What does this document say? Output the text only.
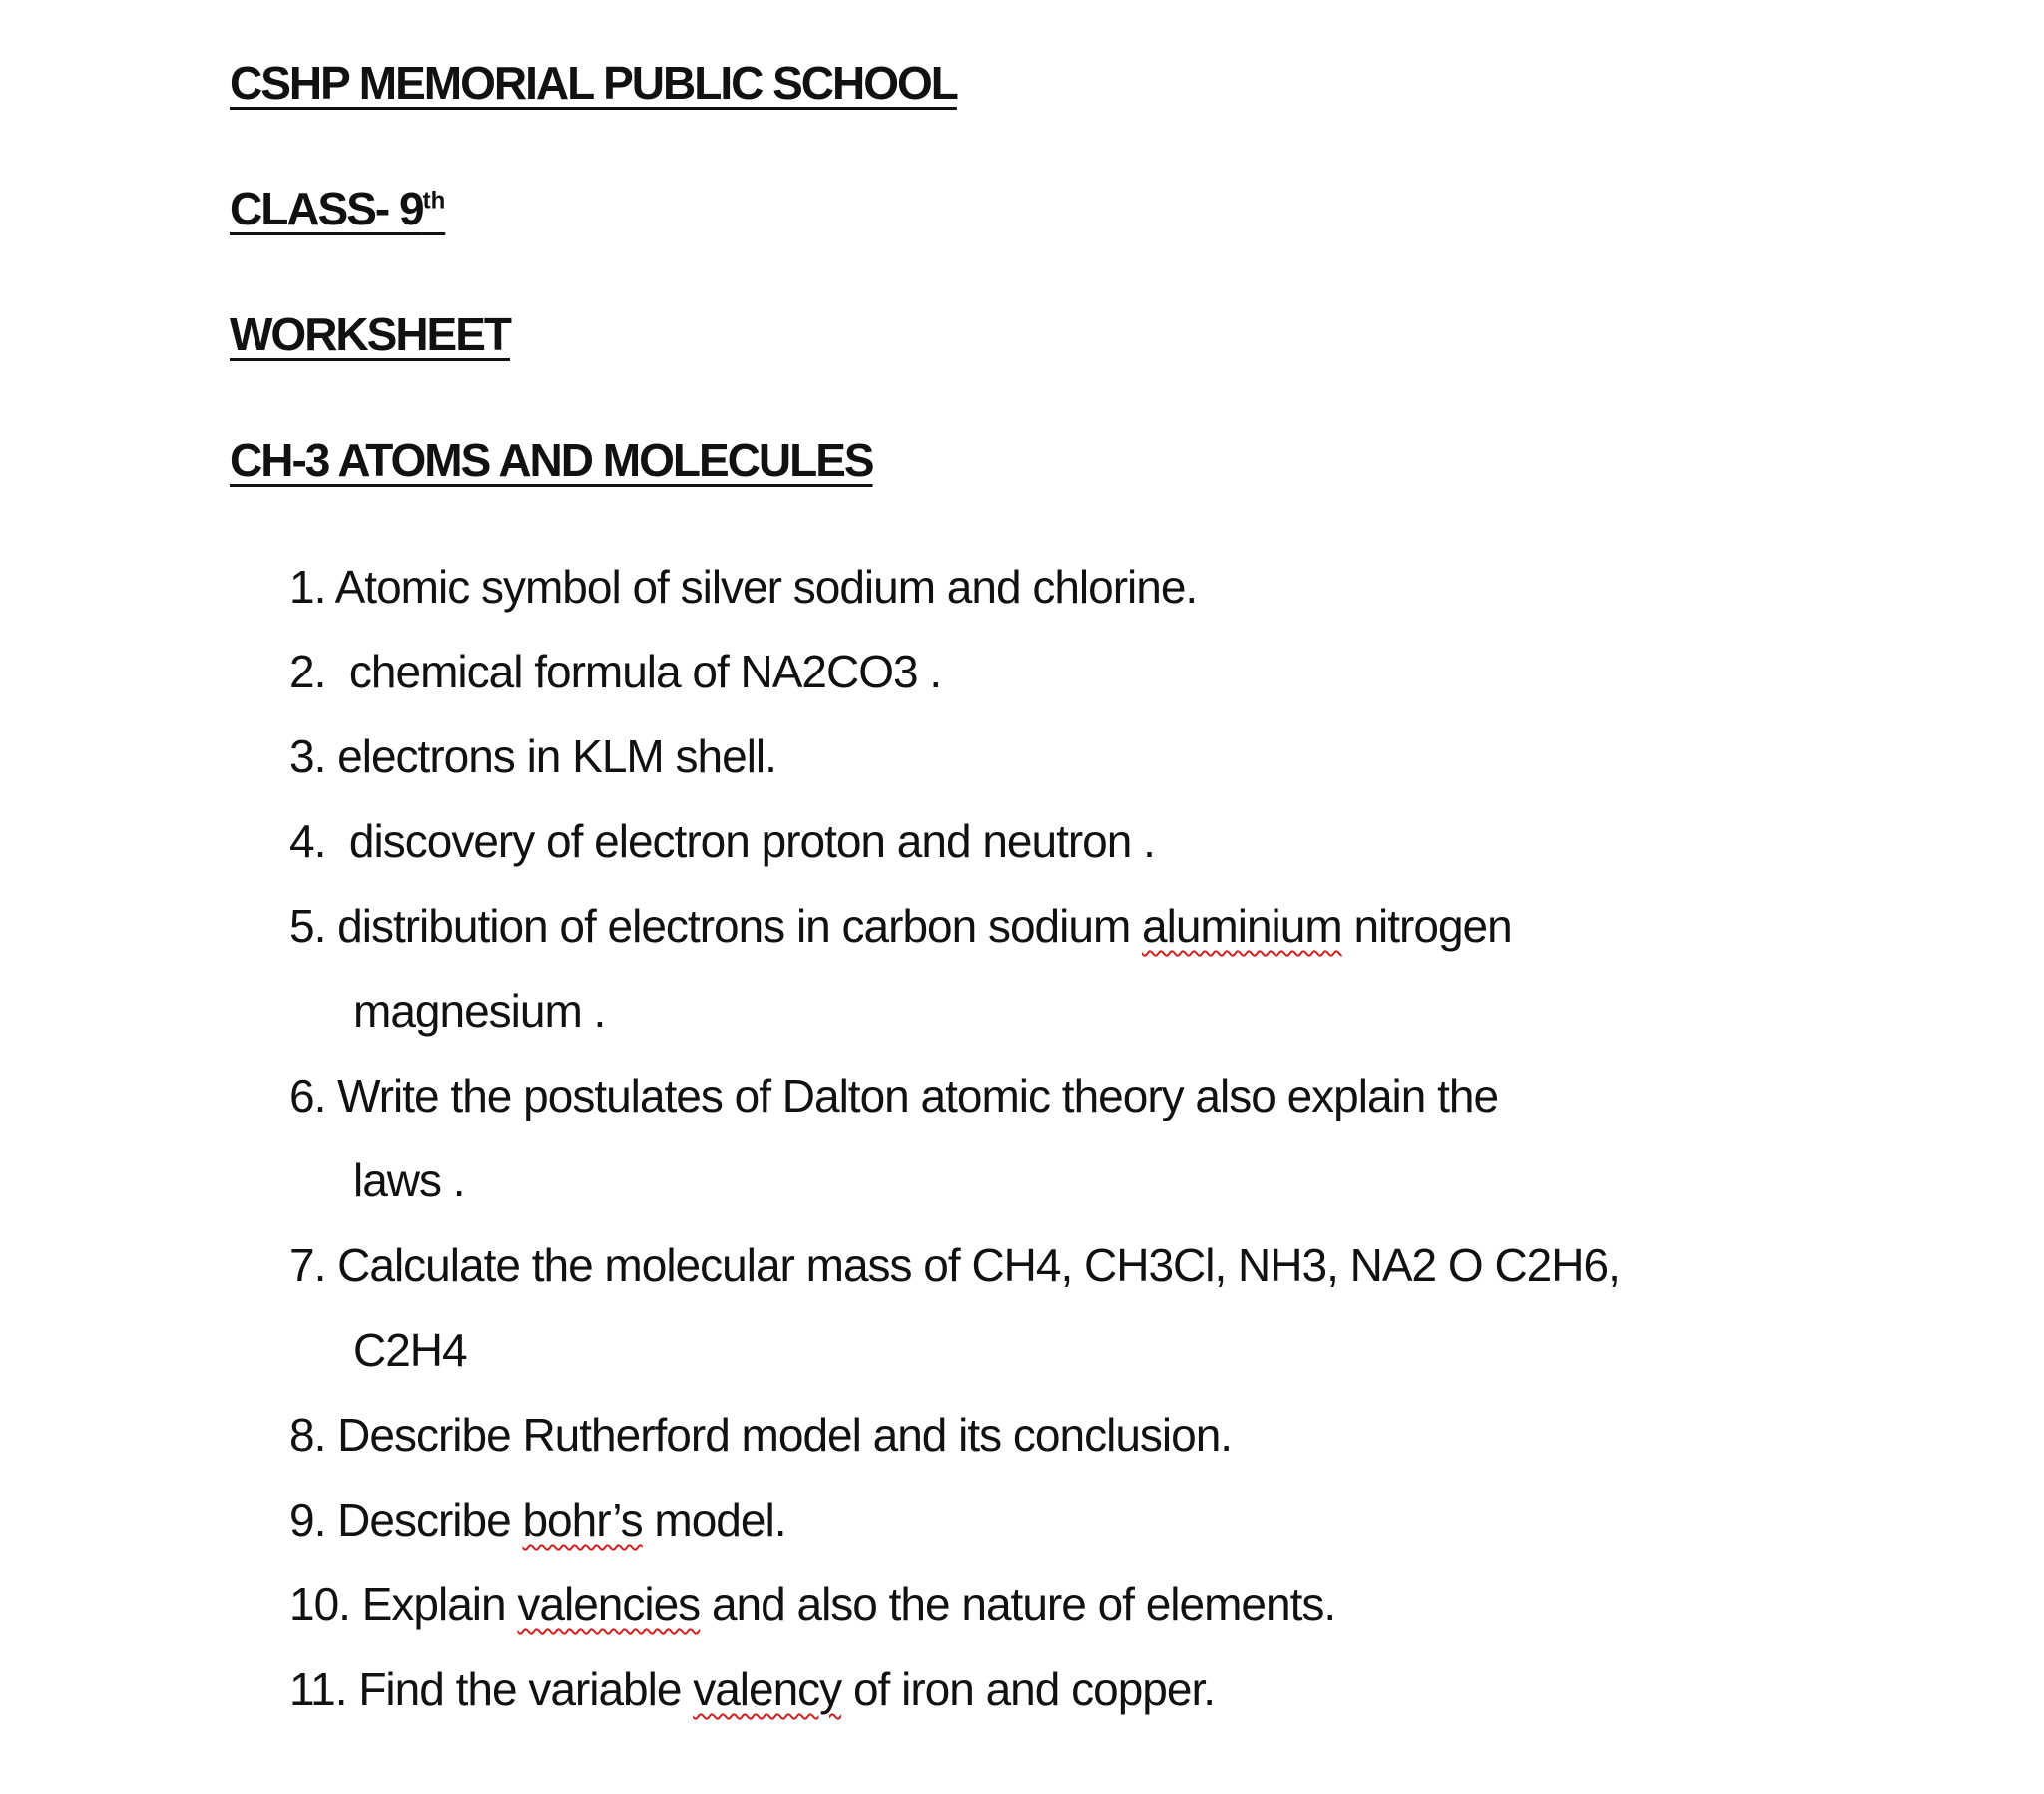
CSHP MEMORIAL PUBLIC SCHOOL
CLASS- 9th
WORKSHEET
CH-3 ATOMS AND MOLECULES
1. Atomic symbol of silver sodium and chlorine.
2.  chemical formula of NA2CO3 .
3. electrons in KLM shell.
4.  discovery of electron proton and neutron .
5. distribution of electrons in carbon sodium aluminium nitrogen
magnesium .
6. Write the postulates of Dalton atomic theory also explain the
laws .
7. Calculate the molecular mass of CH4, CH3Cl, NH3, NA2 O C2H6,
C2H4
8. Describe Rutherford model and its conclusion.
9. Describe bohr’s model.
10. Explain valencies and also the nature of elements.
11. Find the variable valency of iron and copper.
